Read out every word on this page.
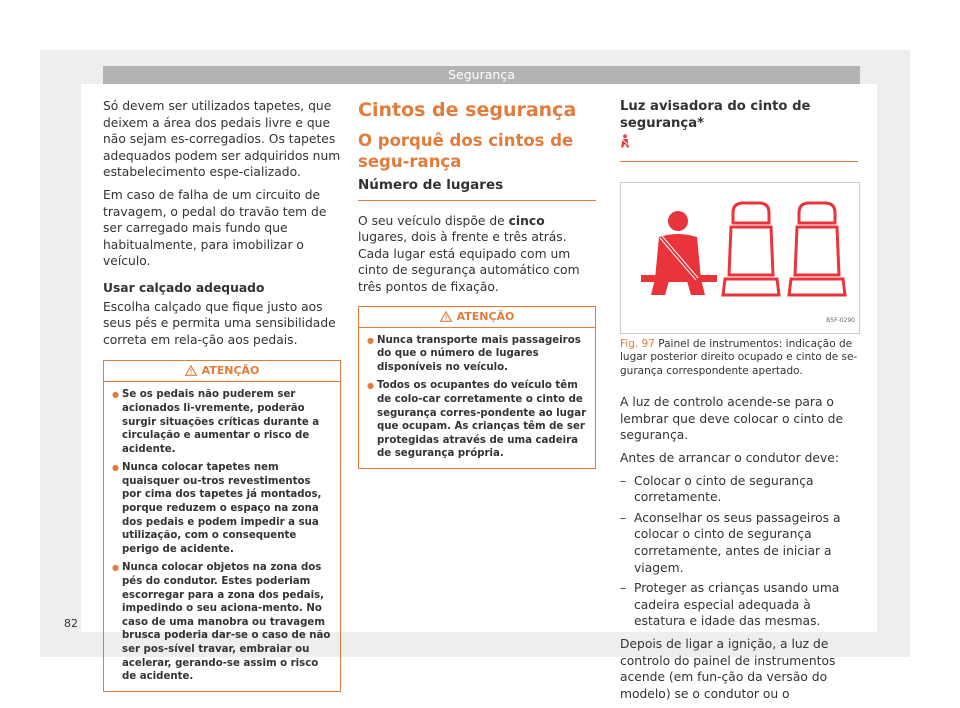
Segurança

Só devem ser utilizados tapetes, que deixem a área dos pedais livre e que não sejam es-corregadios. Os tapetes adequados podem ser adquiridos num estabelecimento espe-cializado.

Em caso de falha de um circuito de travagem, o pedal do travão tem de ser carregado mais fundo que habitualmente, para imobilizar o veículo.

Usar calçado adequado

Escolha calçado que fique justo aos seus pés e permita uma sensibilidade correta em rela-ção aos pedais.

ATENÇÃO
● Se os pedais não puderem ser acionados li-vremente, poderão surgir situações críticas durante a circulação e aumentar o risco de acidente.
● Nunca colocar tapetes nem quaisquer ou-tros revestimentos por cima dos tapetes já montados, porque reduzem o espaço na zona dos pedais e podem impedir a sua utilização, com o consequente perigo de acidente.
● Nunca colocar objetos na zona dos pés do condutor. Estes poderiam escorregar para a zona dos pedais, impedindo o seu aciona-mento. No caso de uma manobra ou travagem brusca poderia dar-se o caso de não ser pos-sível travar, embraiar ou acelerar, gerando-se assim o risco de acidente.
Cintos de segurança
O porquê dos cintos de segu-rança
Número de lugares

O seu veículo dispõe de cinco lugares, dois à frente e três atrás. Cada lugar está equipado com um cinto de segurança automático com três pontos de fixação.

ATENÇÃO
● Nunca transporte mais passageiros do que o número de lugares disponíveis no veículo.
● Todos os ocupantes do veículo têm de colo-car corretamente o cinto de segurança corres-pondente ao lugar que ocupam. As crianças têm de ser protegidas através de uma cadeira de segurança própria.
Luz avisadora do cinto de segurança*

B5F-0290
Fig. 97 Painel de instrumentos: indicação de lugar posterior direito ocupado e cinto de se-gurança correspondente apertado.

A luz de controlo acende-se para o lembrar que deve colocar o cinto de segurança.

Antes de arrancar o condutor deve:

– Colocar o cinto de segurança corretamente.
– Aconselhar os seus passageiros a colocar o cinto de segurança corretamente, antes de iniciar a viagem.
– Proteger as crianças usando uma cadeira especial adequada à estatura e idade das mesmas.

Depois de ligar a ignição, a luz de controlo do painel de instrumentos acende (em fun-ção da versão do modelo) se o condutor ou o

82
